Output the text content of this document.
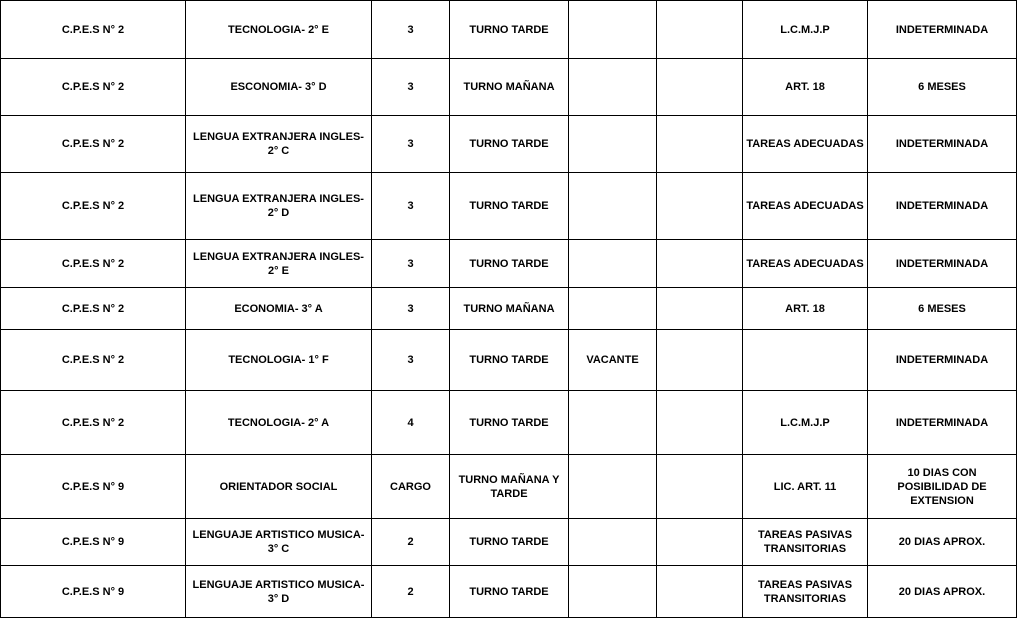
C.P.E.S N° 2	TECNOLOGIA- 2° E	3	TURNO TARDE			L.C.M.J.P	INDETERMINADA
C.P.E.S N° 2	ESCONOMIA- 3° D	3	TURNO MAÑANA			ART. 18	6 MESES
C.P.E.S N° 2	LENGUA EXTRANJERA INGLES- 2° C	3	TURNO TARDE			TAREAS ADECUADAS	INDETERMINADA
C.P.E.S N° 2	LENGUA EXTRANJERA INGLES- 2° D	3	TURNO TARDE			TAREAS ADECUADAS	INDETERMINADA
C.P.E.S N° 2	LENGUA EXTRANJERA INGLES- 2° E	3	TURNO TARDE			TAREAS ADECUADAS	INDETERMINADA
C.P.E.S N° 2	ECONOMIA- 3° A	3	TURNO MAÑANA			ART. 18	6 MESES
C.P.E.S N° 2	TECNOLOGIA- 1° F	3	TURNO TARDE	VACANTE			INDETERMINADA
C.P.E.S N° 2	TECNOLOGIA- 2° A	4	TURNO TARDE			L.C.M.J.P	INDETERMINADA
C.P.E.S N° 9	ORIENTADOR SOCIAL	CARGO	TURNO MAÑANA Y TARDE			LIC. ART. 11	10 DIAS CON POSIBILIDAD DE EXTENSION
C.P.E.S N° 9	LENGUAJE ARTISTICO MUSICA- 3° C	2	TURNO TARDE			TAREAS PASIVAS TRANSITORIAS	20 DIAS APROX.
C.P.E.S N° 9	LENGUAJE ARTISTICO MUSICA- 3° D	2	TURNO TARDE			TAREAS PASIVAS TRANSITORIAS	20 DIAS APROX.
